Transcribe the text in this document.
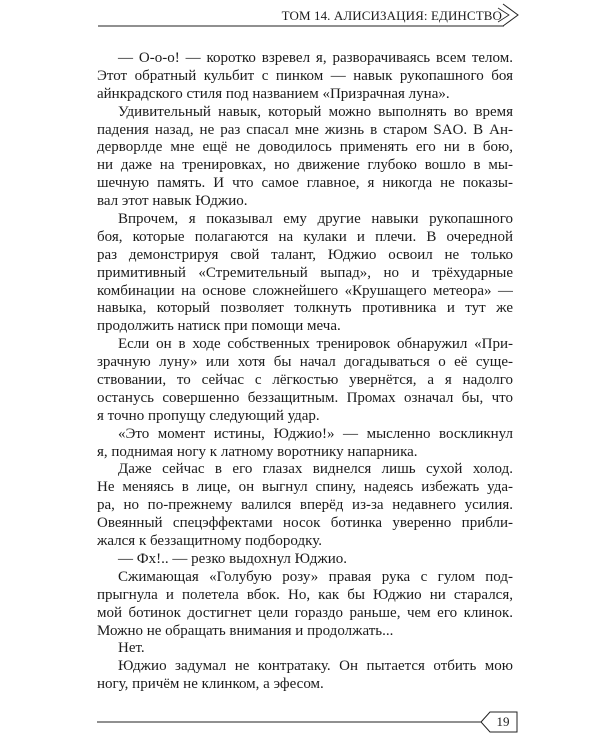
ТОМ 14. АЛИСИЗАЦИЯ: ЕДИНСТВО
— О-о-о! — коротко взревел я, разворачиваясь всем телом.
Этот обратный кульбит с пинком — навык рукопашного боя
айнкрадского стиля под названием «Призрачная луна».
Удивительный навык, который можно выполнять во время
падения назад, не раз спасал мне жизнь в старом SAO. В Ан-
дерворлде мне ещё не доводилось применять его ни в бою,
ни даже на тренировках, но движение глубоко вошло в мы-
шечную память. И что самое главное, я никогда не показы-
вал этот навык Юджио.
Впрочем, я показывал ему другие навыки рукопашного
боя, которые полагаются на кулаки и плечи. В очередной
раз демонстрируя свой талант, Юджио освоил не только
примитивный «Стремительный выпад», но и трёхударные
комбинации на основе сложнейшего «Крушащего метеора» —
навыка, который позволяет толкнуть противника и тут же
продолжить натиск при помощи меча.
Если он в ходе собственных тренировок обнаружил «При-
зрачную луну» или хотя бы начал догадываться о её суще-
ствовании, то сейчас с лёгкостью увернётся, а я надолго
останусь совершенно беззащитным. Промах означал бы, что
я точно пропущу следующий удар.
«Это момент истины, Юджио!» — мысленно воскликнул
я, поднимая ногу к латному воротнику напарника.
Даже сейчас в его глазах виднелся лишь сухой холод.
Не меняясь в лице, он выгнул спину, надеясь избежать уда-
ра, но по-прежнему валился вперёд из-за недавнего усилия.
Овеянный спецэффектами носок ботинка уверенно прибли-
жался к беззащитному подбородку.
— Фх!.. — резко выдохнул Юджио.
Сжимающая «Голубую розу» правая рука с гулом под-
прыгнула и полетела вбок. Но, как бы Юджио ни старался,
мой ботинок достигнет цели гораздо раньше, чем его клинок.
Можно не обращать внимания и продолжать...
Нет.
Юджио задумал не контратаку. Он пытается отбить мою
ногу, причём не клинком, а эфесом.
19
